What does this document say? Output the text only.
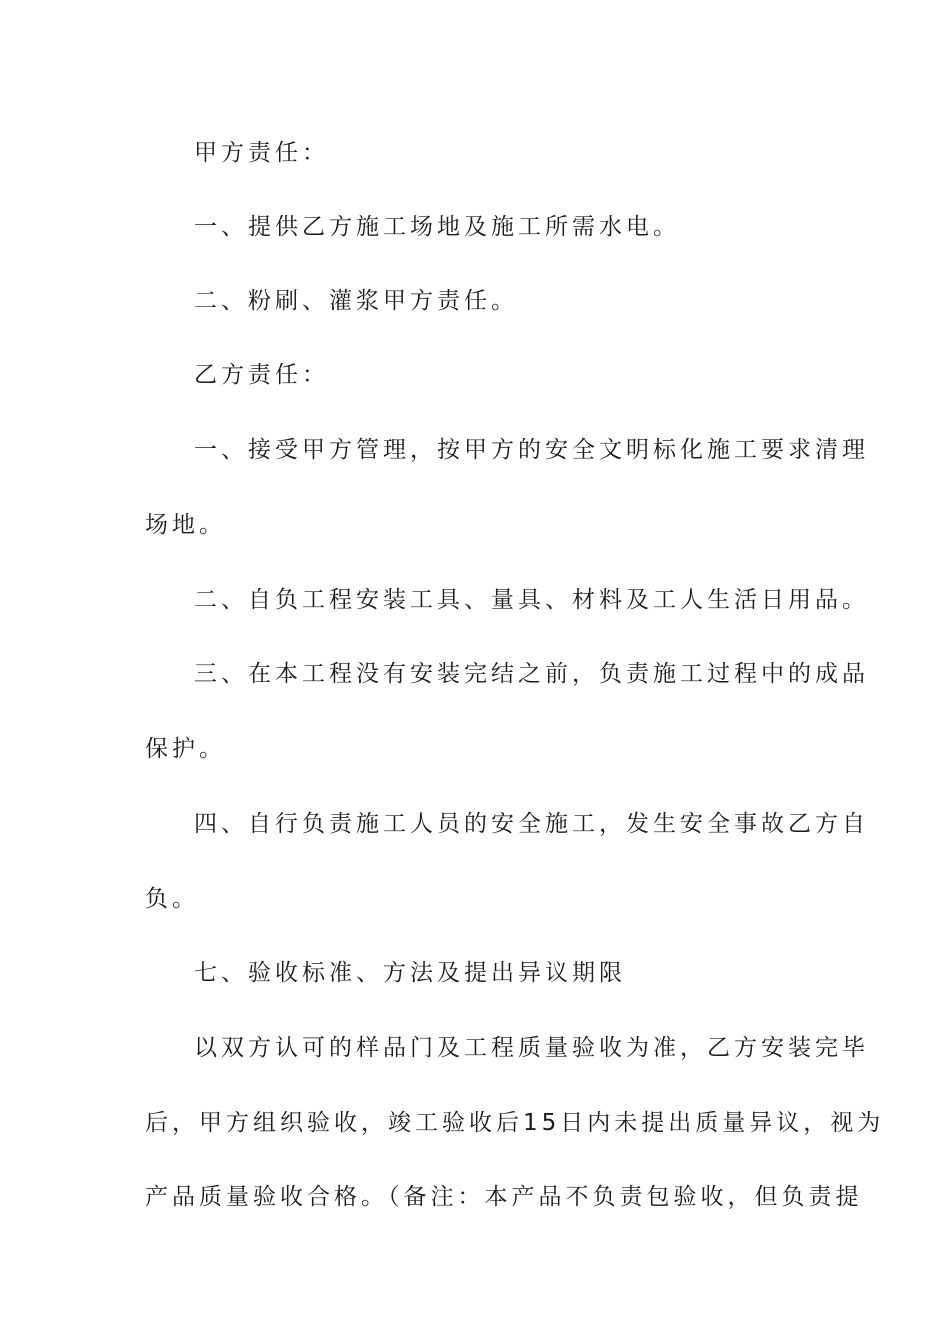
甲方责任：
一、提供乙方施工场地及施工所需水电。
二、粉刷、灌浆甲方责任。
乙方责任：
一、接受甲方管理，按甲方的安全文明标化施工要求清理
场地。
二、自负工程安装工具、量具、材料及工人生活日用品。
三、在本工程没有安装完结之前，负责施工过程中的成品
保护。
四、自行负责施工人员的安全施工，发生安全事故乙方自
负。
七、验收标准、方法及提出异议期限
以双方认可的样品门及工程质量验收为准，乙方安装完毕
后，甲方组织验收，竣工验收后15日内未提出质量异议，视为
产品质量验收合格。（备注：本产品不负责包验收，但负责提
